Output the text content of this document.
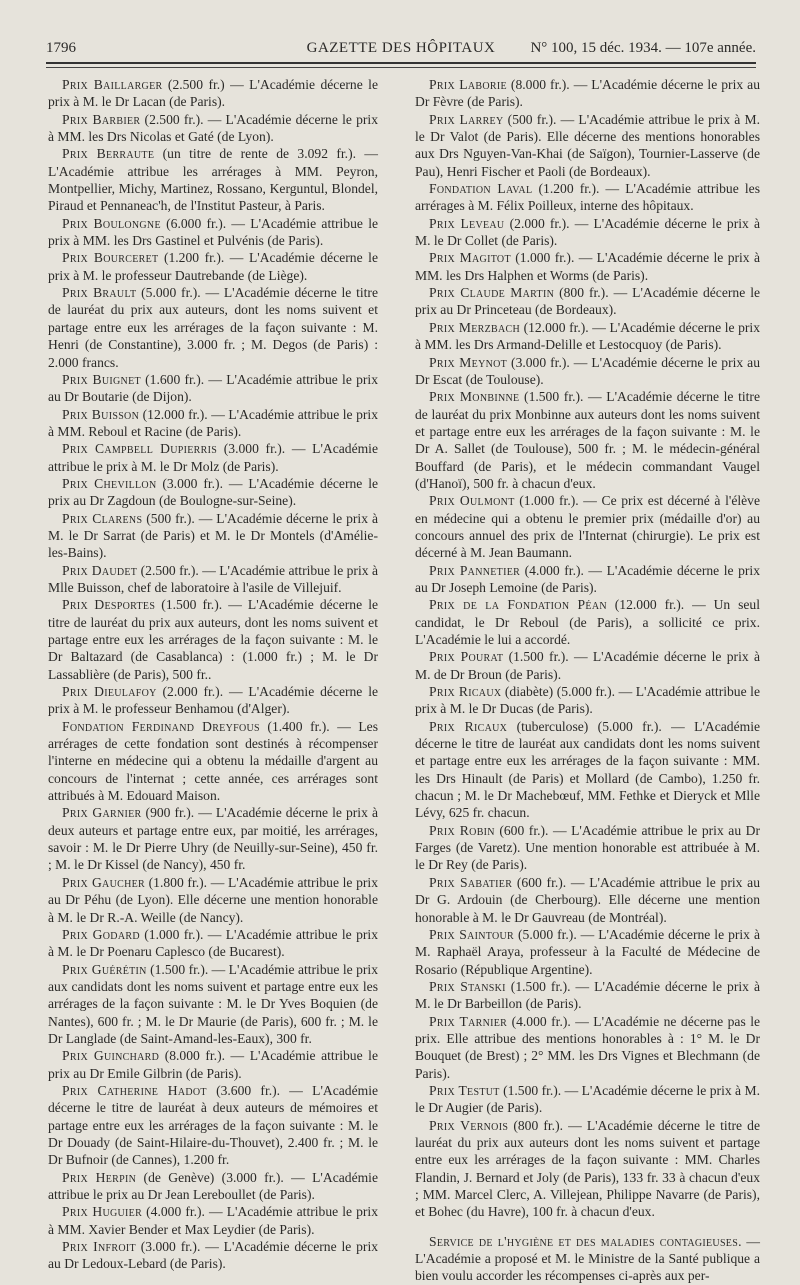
1796	GAZETTE DES HÔPITAUX	N° 100, 15 déc. 1934. — 107e année.

Prix Baillarger (2.500 fr.) — L'Académie décerne le prix à M. le Dr Lacan (de Paris).

Prix Barbier (2.500 fr.). — L'Académie décerne le prix à MM. les Drs Nicolas et Gaté (de Lyon).

Prix Berraute (un titre de rente de 3.092 fr.). — L'Académie attribue les arrérages à MM. Peyron, Montpellier, Michy, Martinez, Rossano, Kerguntul, Blondel, Piraud et Pennaneac'h, de l'Institut Pasteur, à Paris.

Prix Boulongne (6.000 fr.). — L'Académie attribue le prix à MM. les Drs Gastinel et Pulvénis (de Paris).

Prix Bourceret (1.200 fr.). — L'Académie décerne le prix à M. le professeur Dautrebande (de Liège).

Prix Brault (5.000 fr.). — L'Académie décerne le titre de lauréat du prix aux auteurs, dont les noms suivent et partage entre eux les arrérages de la façon suivante : M. Henri (de Constantine), 3.000 fr. ; M. Degos (de Paris) : 2.000 francs.

Prix Buignet (1.600 fr.). — L'Académie attribue le prix au Dr Boutarie (de Dijon).

Prix Buisson (12.000 fr.). — L'Académie attribue le prix à MM. Reboul et Racine (de Paris).

Prix Campbell Dupierris (3.000 fr.). — L'Académie attribue le prix à M. le Dr Molz (de Paris).

Prix Chevillon (3.000 fr.). — L'Académie décerne le prix au Dr Zagdoun (de Boulogne-sur-Seine).

Prix Clarens (500 fr.). — L'Académie décerne le prix à M. le Dr Sarrat (de Paris) et M. le Dr Montels (d'Amélie-les-Bains).

Prix Daudet (2.500 fr.). — L'Académie attribue le prix à Mlle Buisson, chef de laboratoire à l'asile de Villejuif.

Prix Desportes (1.500 fr.). — L'Académie décerne le titre de lauréat du prix aux auteurs, dont les noms suivent et partage entre eux les arrérages de la façon suivante : M. le Dr Baltazard (de Casablanca) : (1.000 fr.) ; M. le Dr Lassablière (de Paris), 500 fr..

Prix Dieulafoy (2.000 fr.). — L'Académie décerne le prix à M. le professeur Benhamou (d'Alger).

Fondation Ferdinand Dreyfous (1.400 fr.). — Les arrérages de cette fondation sont destinés à récompenser l'interne en médecine qui a obtenu la médaille d'argent au concours de l'internat ; cette année, ces arrérages sont attribués à M. Edouard Maison.

Prix Garnier (900 fr.). — L'Académie décerne le prix à deux auteurs et partage entre eux, par moitié, les arrérages, savoir : M. le Dr Pierre Uhry (de Neuilly-sur-Seine), 450 fr. ; M. le Dr Kissel (de Nancy), 450 fr.

Prix Gaucher (1.800 fr.). — L'Académie attribue le prix au Dr Péhu (de Lyon). Elle décerne une mention honorable à M. le Dr R.-A. Weille (de Nancy).

Prix Godard (1.000 fr.). — L'Académie attribue le prix à M. le Dr Poenaru Caplesco (de Bucarest).

Prix Guérétin (1.500 fr.). — L'Académie attribue le prix aux candidats dont les noms suivent et partage entre eux les arrérages de la façon suivante : M. le Dr Yves Boquien (de Nantes), 600 fr. ; M. le Dr Maurie (de Paris), 600 fr. ; M. le Dr Langlade (de Saint-Amand-les-Eaux), 300 fr.

Prix Guinchard (8.000 fr.). — L'Académie attribue le prix au Dr Emile Gilbrin (de Paris).

Prix Catherine Hadot (3.600 fr.). — L'Académie décerne le titre de lauréat à deux auteurs de mémoires et partage entre eux les arrérages de la façon suivante : M. le Dr Douady (de Saint-Hilaire-du-Thouvet), 2.400 fr. ; M. le Dr Bufnoir (de Cannes), 1.200 fr.

Prix Herpin (de Genève) (3.000 fr.). — L'Académie attribue le prix au Dr Jean Lereboullet (de Paris).

Prix Huguier (4.000 fr.). — L'Académie attribue le prix à MM. Xavier Bender et Max Leydier (de Paris).

Prix Infroit (3.000 fr.). — L'Académie décerne le prix au Dr Ledoux-Lebard (de Paris).

Prix Laborie (8.000 fr.). — L'Académie décerne le prix au Dr Fèvre (de Paris).

Prix Larrey (500 fr.). — L'Académie attribue le prix à M. le Dr Valot (de Paris). Elle décerne des mentions honorables aux Drs Nguyen-Van-Khai (de Saïgon), Tournier-Lasserve (de Pau), Henri Fischer et Paoli (de Bordeaux).

Fondation Laval (1.200 fr.). — L'Académie attribue les arrérages à M. Félix Poilleux, interne des hôpitaux.

Prix Leveau (2.000 fr.). — L'Académie décerne le prix à M. le Dr Collet (de Paris).

Prix Magitot (1.000 fr.). — L'Académie décerne le prix à MM. les Drs Halphen et Worms (de Paris).

Prix Claude Martin (800 fr.). — L'Académie décerne le prix au Dr Princeteau (de Bordeaux).

Prix Merzbach (12.000 fr.). — L'Académie décerne le prix à MM. les Drs Armand-Delille et Lestocquoy (de Paris).

Prix Meynot (3.000 fr.). — L'Académie décerne le prix au Dr Escat (de Toulouse).

Prix Monbinne (1.500 fr.). — L'Académie décerne le titre de lauréat du prix Monbinne aux auteurs dont les noms suivent et partage entre eux les arrérages de la façon suivante : M. le Dr A. Sallet (de Toulouse), 500 fr. ; M. le médecin-général Bouffard (de Paris), et le médecin commandant Vaugel (d'Hanoï), 500 fr. à chacun d'eux.

Prix Oulmont (1.000 fr.). — Ce prix est décerné à l'élève en médecine qui a obtenu le premier prix (médaille d'or) au concours annuel des prix de l'Internat (chirurgie). Le prix est décerné à M. Jean Baumann.

Prix Pannetier (4.000 fr.). — L'Académie décerne le prix au Dr Joseph Lemoine (de Paris).

Prix de la Fondation Péan (12.000 fr.). — Un seul candidat, le Dr Reboul (de Paris), a sollicité ce prix. L'Académie le lui a accordé.

Prix Pourat (1.500 fr.). — L'Académie décerne le prix à M. de Dr Broun (de Paris).

Prix Ricaux (diabète) (5.000 fr.). — L'Académie attribue le prix à M. le Dr Ducas (de Paris).

Prix Ricaux (tuberculose) (5.000 fr.). — L'Académie décerne le titre de lauréat aux candidats dont les noms suivent et partage entre eux les arrérages de la façon suivante : MM. les Drs Hinault (de Paris) et Mollard (de Cambo), 1.250 fr. chacun ; M. le Dr Machebœuf, MM. Fethke et Dieryck et Mlle Lévy, 625 fr. chacun.

Prix Robin (600 fr.). — L'Académie attribue le prix au Dr Farges (de Varetz). Une mention honorable est attribuée à M. le Dr Rey (de Paris).

Prix Sabatier (600 fr.). — L'Académie attribue le prix au Dr G. Ardouin (de Cherbourg). Elle décerne une mention honorable à M. le Dr Gauvreau (de Montréal).

Prix Saintour (5.000 fr.). — L'Académie décerne le prix à M. Raphaël Araya, professeur à la Faculté de Médecine de Rosario (République Argentine).

Prix Stanski (1.500 fr.). — L'Académie décerne le prix à M. le Dr Barbeillon (de Paris).

Prix Tarnier (4.000 fr.). — L'Académie ne décerne pas le prix. Elle attribue des mentions honorables à : 1° M. le Dr Bouquet (de Brest) ; 2° MM. les Drs Vignes et Blechmann (de Paris).

Prix Testut (1.500 fr.). — L'Académie décerne le prix à M. le Dr Augier (de Paris).

Prix Vernois (800 fr.). — L'Académie décerne le titre de lauréat du prix aux auteurs dont les noms suivent et partage entre eux les arrérages de la façon suivante : MM. Charles Flandin, J. Bernard et Joly (de Paris), 133 fr. 33 à chacun d'eux ; MM. Marcel Clerc, A. Villejean, Philippe Navarre (de Paris), et Bohec (du Havre), 100 fr. à chacun d'eux.

Service de l'hygiène et des maladies contagieuses. — L'Académie a proposé et M. le Ministre de la Santé publique a bien voulu accorder les récompenses ci-après aux per-
